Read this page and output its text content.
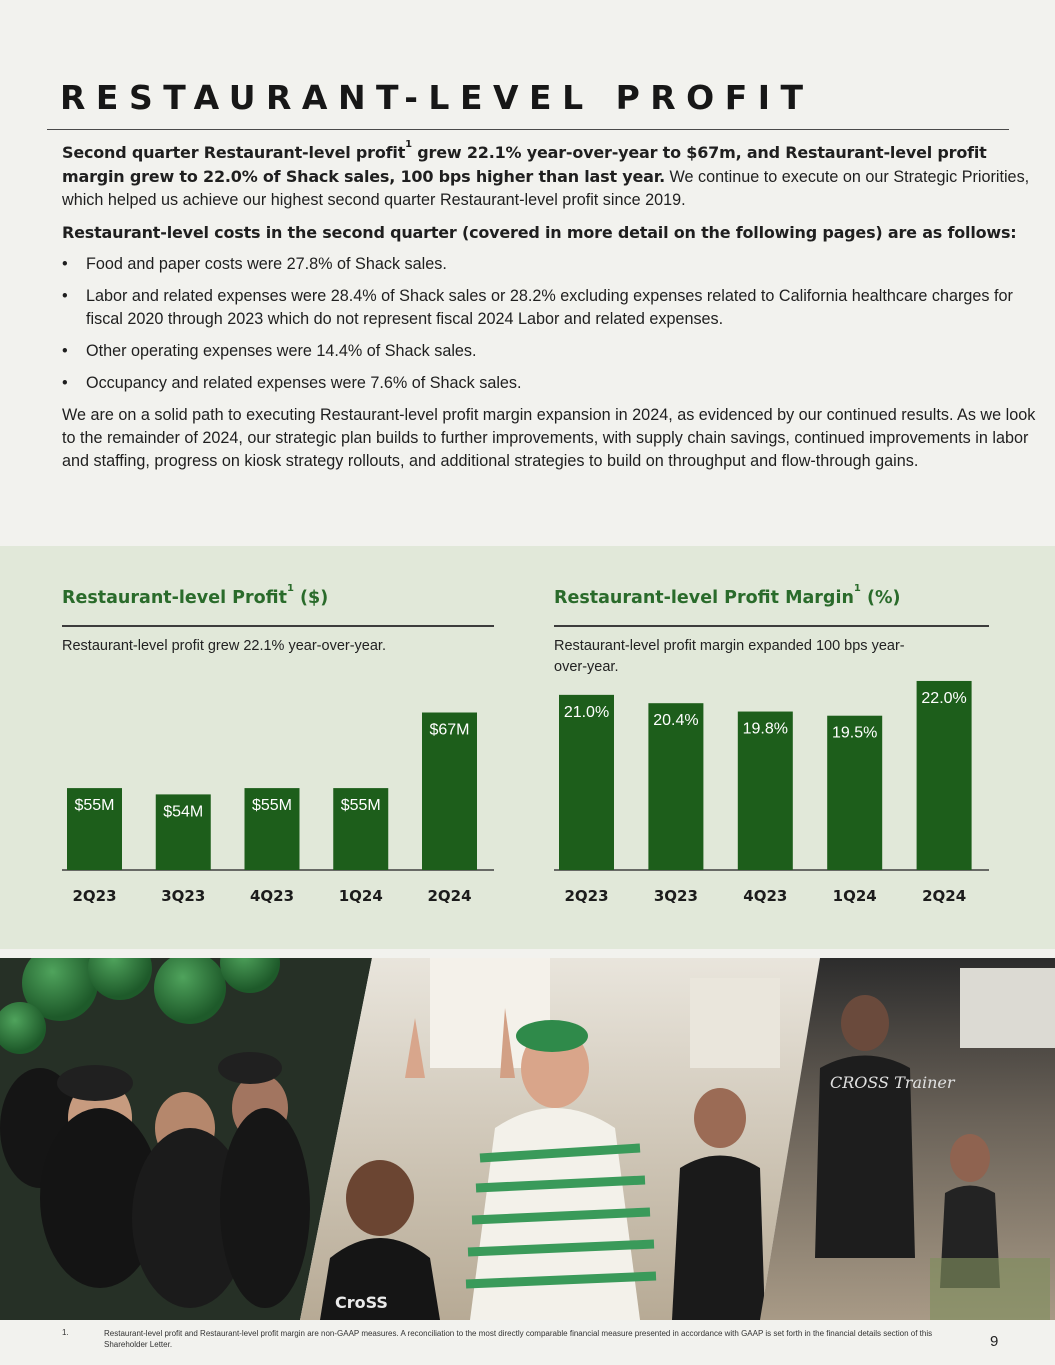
RESTAURANT-LEVEL PROFIT

Second quarter Restaurant-level profit$^1$ grew 22.1% year-over-year to $67m, and Restaurant-level profit margin grew to 22.0% of Shack sales, 100 bps higher than last year. We continue to execute on our Strategic Priorities, which helped us achieve our highest second quarter Restaurant-level profit since 2019.

Restaurant-level costs in the second quarter (covered in more detail on the following pages) are as follows:
• Food and paper costs were 27.8% of Shack sales.
• Labor and related expenses were 28.4% of Shack sales or 28.2% excluding expenses related to California healthcare charges for fiscal 2020 through 2023 which do not represent fiscal 2024 Labor and related expenses.
• Other operating expenses were 14.4% of Shack sales.
• Occupancy and related expenses were 7.6% of Shack sales.

We are on a solid path to executing Restaurant-level profit margin expansion in 2024, as evidenced by our continued results. As we look to the remainder of 2024, our strategic plan builds to further improvements, with supply chain savings, continued improvements in labor and staffing, progress on kiosk strategy rollouts, and additional strategies to build on throughput and flow-through gains.

Restaurant-level Profit$^1$ ($)
Restaurant-level profit grew 22.1% year-over-year.
Restaurant-level Profit Margin$^1$ (%)
Restaurant-level profit margin expanded 100 bps year-over-year.
$55M
2Q23
$54M
3Q23
$55M
4Q23
$55M
1Q24
$67M
2Q24
21.0%
2Q23
20.4%
3Q23
19.8%
4Q23
19.5%
1Q24
22.0%
2Q24
CROSS Trainer
CroSS
1.	Restaurant-level profit and Restaurant-level profit margin are non-GAAP measures. A reconciliation to the most directly comparable financial measure presented in accordance with GAAP is set forth in the financial details section of this Shareholder Letter.	9
